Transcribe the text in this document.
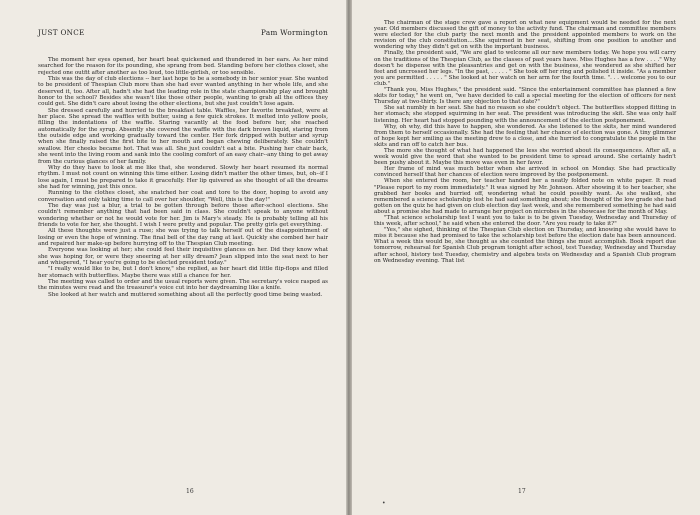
JUST ONCE	Pam Wormington

The moment her eyes opened, her heart beat quickened and thundered in her ears. As her mind searched for the reason for its pounding, she sprang from bed. Standing before her clothes closet, she rejected one outfit after another as too loud, too little-girlish, or too sensible.

This was the day of club elections -- her last hope to be a somebody in her senior year. She wanted to be president of Thespian Club more than she had ever wanted anything in her whole life, and she deserved it, too. After all, hadn't she had the leading role in the state championship play and brought honor to the school? Besides she wasn't like those other people, wanting to grab all the offices they could get. She didn't care about losing the other elections, but she just couldn't lose again.

She dressed carefully and hurried to the breakfast table. Waffles, her favorite breakfast, were at her place. She spread the waffles with butter, using a few quick strokes. It melted into yellow pools, filling the indentations of the waffle. Staring vacantly at the food before her, she reached automatically for the syrup. Absently she covered the waffle with the dark brown liquid, staring from the outside edge and working gradually toward the center. Her fork dripped with butter and syrup when she finally raised the first bite to her mouth and began chewing deliberately. She couldn't swallow. Her cheeks became hot. That was all. She just couldn't eat a bite. Pushing her chair back, she went into the living room and sank into the cooling comfort of an easy chair--any thing to get away from the curious glances of her family.

Why do they have to look at me like that, she wondered. Slowly her heart resumed its normal rhythm. I must not count on winning this time either. Losing didn't matter the other times, but, oh--if I lose again, I must be prepared to take it gracefully. Her lip quivered as she thought of all the dreams she had for winning, just this once.

Running to the clothes closet, she snatched her coat and tore to the door, hoping to avoid any conversation and only taking time to call over her shoulder, "Well, this is the day!"

The day was just a blur, a trial to be gotten through before those after-school elections. She couldn't remember anything that had been said in class. She couldn't speak to anyone without wondering whether or not he would vote for her. Jim is Mary's steady. He is probably telling all his friends to vote for her, she thought. I wish I were pretty and popular. The pretty girls get everything.

All these thoughts were just a ruse; she was trying to talk herself out of the disappointment of losing or even the hope of winning. The final bell of the day rang at last. Quickly she combed her hair and repaired her make-up before hurrying off to the Thespian Club meeting.

Everyone was looking at her; she could feel their inquisitive glances on her. Did they know what she was hoping for, or were they sneering at her silly dream? Jean slipped into the seat next to her and whispered, "I hear you're going to be elected president today."

"I really would like to be, but I don't know," she replied, as her heart did little flip-flops and filled her stomach with butterflies. Maybe there was still a chance for her.

The meeting was called to order and the usual reports were given. The secretary's voice rasped as the minutes were read and the treasurer's voice cut into her daydreaming like a knife.

She looked at her watch and muttered something about all the perfectly good time being wasted.

16

The chairman of the stage crew gave a report on what new equipment would be needed for the next year. Old members discussed the gift of money to the activity fund. The chairman and committee members were elected for the club party the next month and the president appointed members to work on the revision of the club constitution....She squirmed in her seat, shifting from one position to another and wondering why they didn't get on with the important business.

Finally, the president said, "We are glad to welcome all our new members today. We hope you will carry on the traditions of the Thespian Club, as the classes of past years have. Miss Hughes has a few . . . ." Why doesn't he dispense with the pleasantries and get on with the business, she wondered as she shifted her feet and uncrossed her legs. "In the past, . . . . . " She took off her ring and polished it inside. "As a member you are permitted . . . . . " She looked at her watch on her arm for the fourth time. ". . . welcome you to our club."

"Thank you, Miss Hughes," the president said. "Since the entertainment committee has planned a few skits for today," he went on, "we have decided to call a special meeting for the election of officers for next Thursday at two-thirty. Is there any objection to that date?"

She sat numbly in her seat. She had no reason so she couldn't object. The butterflies stopped flitting in her stomach; she stopped squirming in her seat. The president was introducing the skit. She was only half listening. Her heart had stopped pounding with the announcement of the election postponement.

Why, oh why, did this have to happen, she wondered. As she listened to the skits, her mind wandered from them to herself occasionally. She had the feeling that her chance of election was gone. A tiny glimmer of hope kept her smiling as the meeting drew to a close, and she hurried to congratulate the people in the skits and ran off to catch her bus.

The more she thought of what had happened the less she worried about its consequences. After all, a week would give the word that she wanted to be president time to spread around. She certainly hadn't been pushy about it. Maybe this move was even in her favor.

Her frame of mind was much better when she arrived in school on Monday. She had practically convinced herself that her chances of election were improved by the postponement.

When she entered the room, her teacher handed her a neatly folded note on white paper. It read "Please report to my room immediately." It was signed by Mr. Johnson. After showing it to her teacher, she grabbed her books and hurried off, wondering what he could possibly want. As she walked, she remembered a science scholarship test he had said something about; she thought of the low grade she had gotten on the quiz he had given on club election day last week, and she remembered something he had said about a promise she had made to arrange her project on microbes in the showcase for the month of May.

"That science scholarship test I want you to take is to be given Tuesday, Wednesday and Thursday of this week, after school," he said when she entered the door. "Are you ready to take it?"

"Yes," she sighed, thinking of the Thespian Club election on Thursday, and knowing she would have to miss it because she had promised to take the scholarship test before the election date has been announced. What a week this would be, she thought as she counted the things she must accomplish. Book report due tomorrow, rehearsal for Spanish Club program tonight after school, test Tuesday, Wednesday and Thursday after school, history test Tuesday, chemistry and algebra tests on Wednesday and a Spanish Club program on Wednesday evening. That list

17
•
